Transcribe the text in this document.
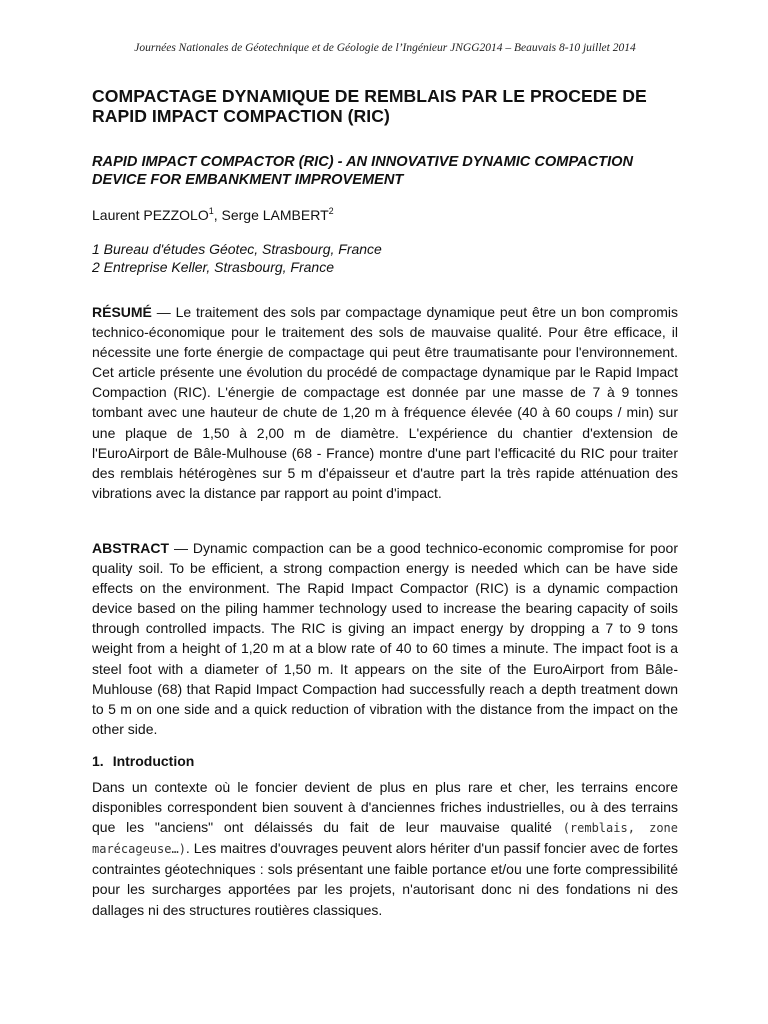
Journées Nationales de Géotechnique et de Géologie de l’Ingénieur JNGG2014 – Beauvais 8-10 juillet 2014
COMPACTAGE DYNAMIQUE DE REMBLAIS PAR LE PROCEDE DE RAPID IMPACT COMPACTION (RIC)
RAPID IMPACT COMPACTOR (RIC) - AN INNOVATIVE DYNAMIC COMPACTION DEVICE FOR EMBANKMENT IMPROVEMENT
Laurent PEZZOLO$^1$, Serge LAMBERT$^2$
1 Bureau d'études Géotec, Strasbourg, France
2 Entreprise Keller, Strasbourg, France

RÉSUMÉ — Le traitement des sols par compactage dynamique peut être un bon compromis technico-économique pour le traitement des sols de mauvaise qualité. Pour être efficace, il nécessite une forte énergie de compactage qui peut être traumatisante pour l'environnement. Cet article présente une évolution du procédé de compactage dynamique par le Rapid Impact Compaction (RIC). L'énergie de compactage est donnée par une masse de 7 à 9 tonnes tombant avec une hauteur de chute de 1,20 m à fréquence élevée (40 à 60 coups / min) sur une plaque de 1,50 à 2,00 m de diamètre. L'expérience du chantier d'extension de l'EuroAirport de Bâle-Mulhouse (68 - France) montre d'une part l'efficacité du RIC pour traiter des remblais hétérogènes sur 5 m d'épaisseur et d'autre part la très rapide atténuation des vibrations avec la distance par rapport au point d'impact.

ABSTRACT — Dynamic compaction can be a good technico-economic compromise for poor quality soil. To be efficient, a strong compaction energy is needed which can be have side effects on the environment. The Rapid Impact Compactor (RIC) is a dynamic compaction device based on the piling hammer technology used to increase the bearing capacity of soils through controlled impacts. The RIC is giving an impact energy by dropping a 7 to 9 tons weight from a height of 1,20 m at a blow rate of 40 to 60 times a minute. The impact foot is a steel foot with a diameter of 1,50 m. It appears on the site of the EuroAirport from Bâle-Muhlouse (68) that Rapid Impact Compaction had successfully reach a depth treatment down to 5 m on one side and a quick reduction of vibration with the distance from the impact on the other side.

1. Introduction

Dans un contexte où le foncier devient de plus en plus rare et cher, les terrains encore disponibles correspondent bien souvent à d'anciennes friches industrielles, ou à des terrains que les "anciens" ont délaissés du fait de leur mauvaise qualité (remblais, zone marécageuse…). Les maitres d'ouvrages peuvent alors hériter d'un passif foncier avec de fortes contraintes géotechniques : sols présentant une faible portance et/ou une forte compressibilité pour les surcharges apportées par les projets, n'autorisant donc ni des fondations ni des dallages ni des structures routières classiques.
